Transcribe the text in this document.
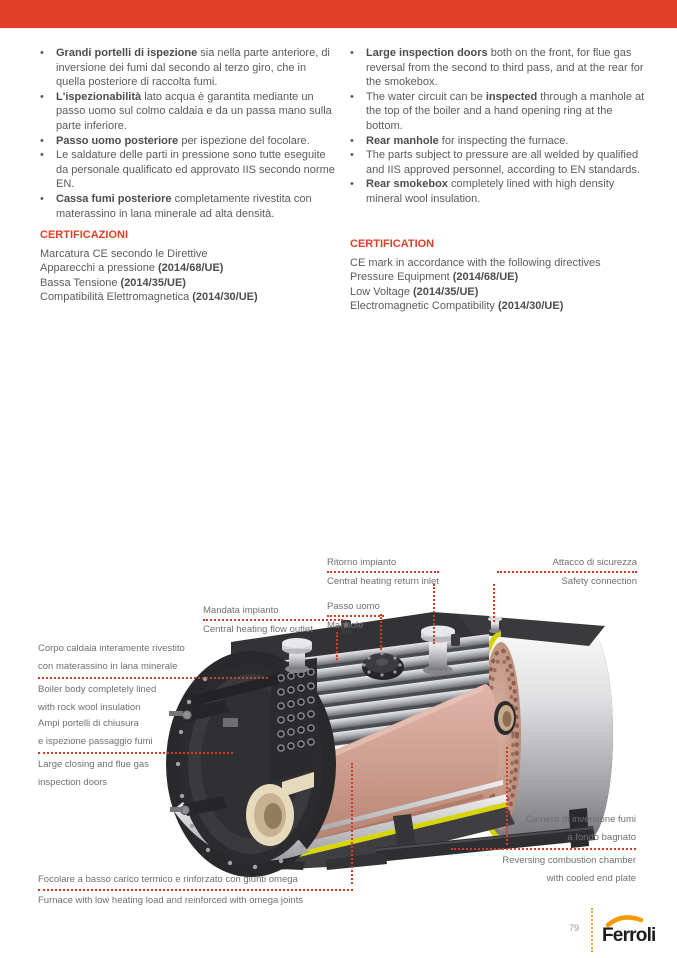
•	Grandi portelli di ispezione sia nella parte anteriore, di inversione dei fumi dal secondo al terzo giro, che in quella posteriore di raccolta fumi.
•	L'ispezionabilità lato acqua è garantita mediante un passo uomo sul colmo caldaia e da un passa mano sulla parte inferiore.
•	Passo uomo posteriore per ispezione del focolare.
•	Le saldature delle parti in pressione sono tutte eseguite da personale qualificato ed approvato IIS secondo norme EN.
•	Cassa fumi posteriore completamente rivestita con materassino in lana minerale ad alta densità.
•	Large inspection doors both on the front, for flue gas reversal from the second to third pass, and at the rear for the smokebox.
•	The water circuit can be inspected through a manhole at the top of the boiler and a hand opening ring at the bottom.
•	Rear manhole for inspecting the furnace.
•	The parts subject to pressure are all welded by qualified and IIS approved personnel, according to EN standards.
•	Rear smokebox completely lined with high density mineral wool insulation.
CERTIFICAZIONI
Marcatura CE secondo le Direttive
Apparecchi a pressione (2014/68/UE)
Bassa Tensione (2014/35/UE)
Compatibilità Elettromagnetica (2014/30/UE)
CERTIFICATION
CE mark in accordance with the following directives
Pressure Equipment (2014/68/UE)
Low Voltage (2014/35/UE)
Electromagnetic Compatibility (2014/30/UE)
Mandata impianto
Central heating flow outlet
Ritorno impianto
Central heating return inlet
Passo uomo
Manhole
Attacco di sicurezza
Safety connection
Corpo caldaia interamente rivestito
con materassino in lana minerale
Boiler body completely lined
with rock wool insulation
Ampi portelli di chiusura
e ispezione passaggio fumi
Large closing and flue gas
inspection doors
Focolare a basso carico termico e rinforzato con giunti omega
Furnace with low heating load and reinforced with omega joints
Camera di inversione fumi
a fondo bagnato
Reversing combustion chamber
with cooled end plate
79 Ferroli
